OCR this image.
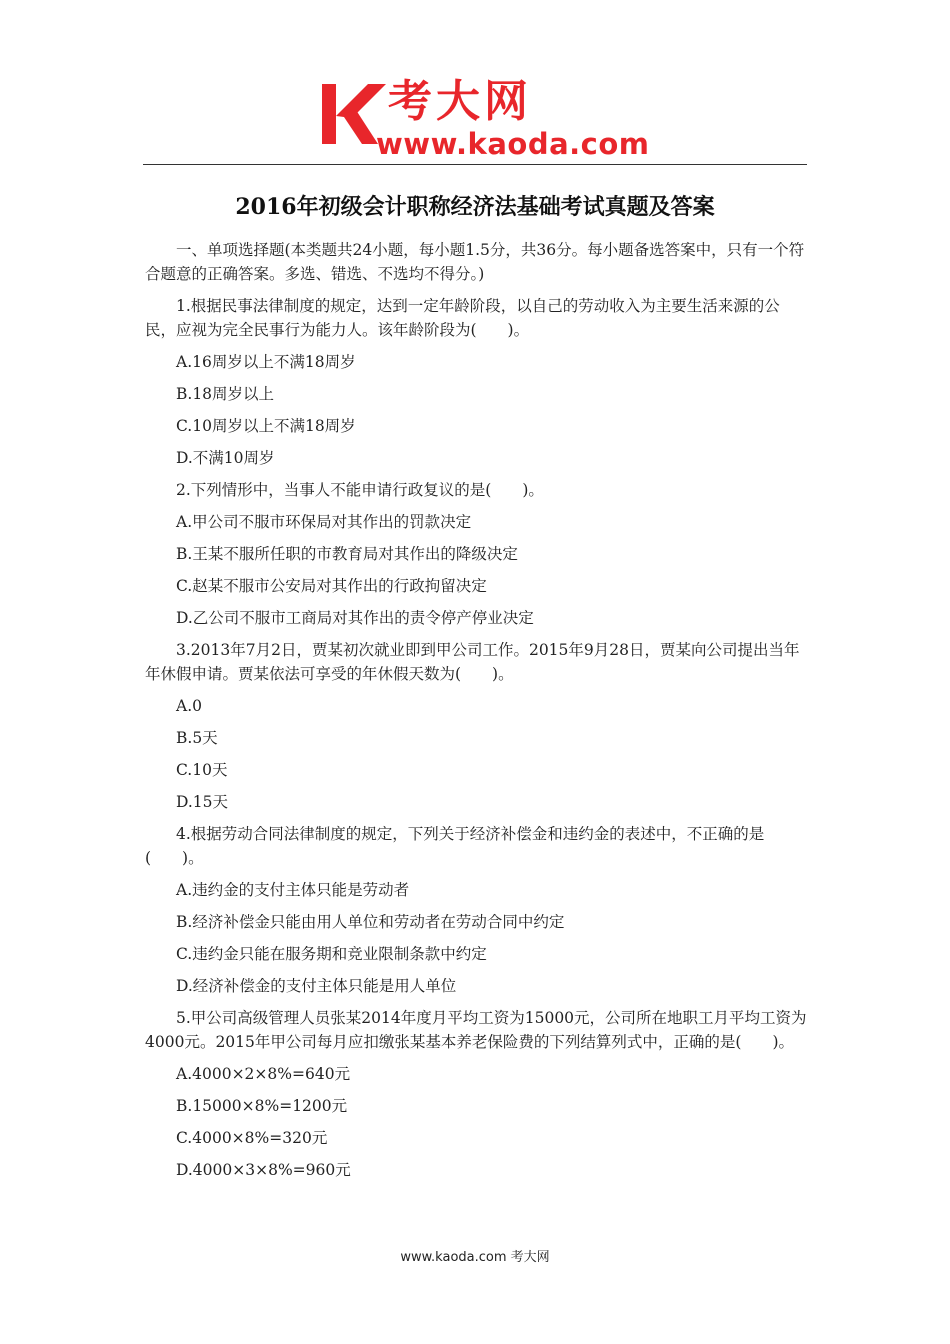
考大网
www.kaoda.com
2016年初级会计职称经济法基础考试真题及答案

一、单项选择题(本类题共24小题，每小题1.5分，共36分。每小题备选答案中，只有一个符合题意的正确答案。多选、错选、不选均不得分。)

1.根据民事法律制度的规定，达到一定年龄阶段，以自己的劳动收入为主要生活来源的公民，应视为完全民事行为能力人。该年龄阶段为(　　)。

A.16周岁以上不满18周岁

B.18周岁以上

C.10周岁以上不满18周岁

D.不满10周岁

2.下列情形中，当事人不能申请行政复议的是(　　)。

A.甲公司不服市环保局对其作出的罚款决定

B.王某不服所任职的市教育局对其作出的降级决定

C.赵某不服市公安局对其作出的行政拘留决定

D.乙公司不服市工商局对其作出的责令停产停业决定

3.2013年7月2日，贾某初次就业即到甲公司工作。2015年9月28日，贾某向公司提出当年年休假申请。贾某依法可享受的年休假天数为(　　)。

A.0

B.5天

C.10天

D.15天

4.根据劳动合同法律制度的规定，下列关于经济补偿金和违约金的表述中，不正确的是(　　)。

A.违约金的支付主体只能是劳动者

B.经济补偿金只能由用人单位和劳动者在劳动合同中约定

C.违约金只能在服务期和竞业限制条款中约定

D.经济补偿金的支付主体只能是用人单位

5.甲公司高级管理人员张某2014年度月平均工资为15000元，公司所在地职工月平均工资为4000元。2015年甲公司每月应扣缴张某基本养老保险费的下列结算列式中，正确的是(　　)。

A.4000×2×8%=640元

B.15000×8%=1200元

C.4000×8%=320元

D.4000×3×8%=960元

www.kaoda.com 考大网
